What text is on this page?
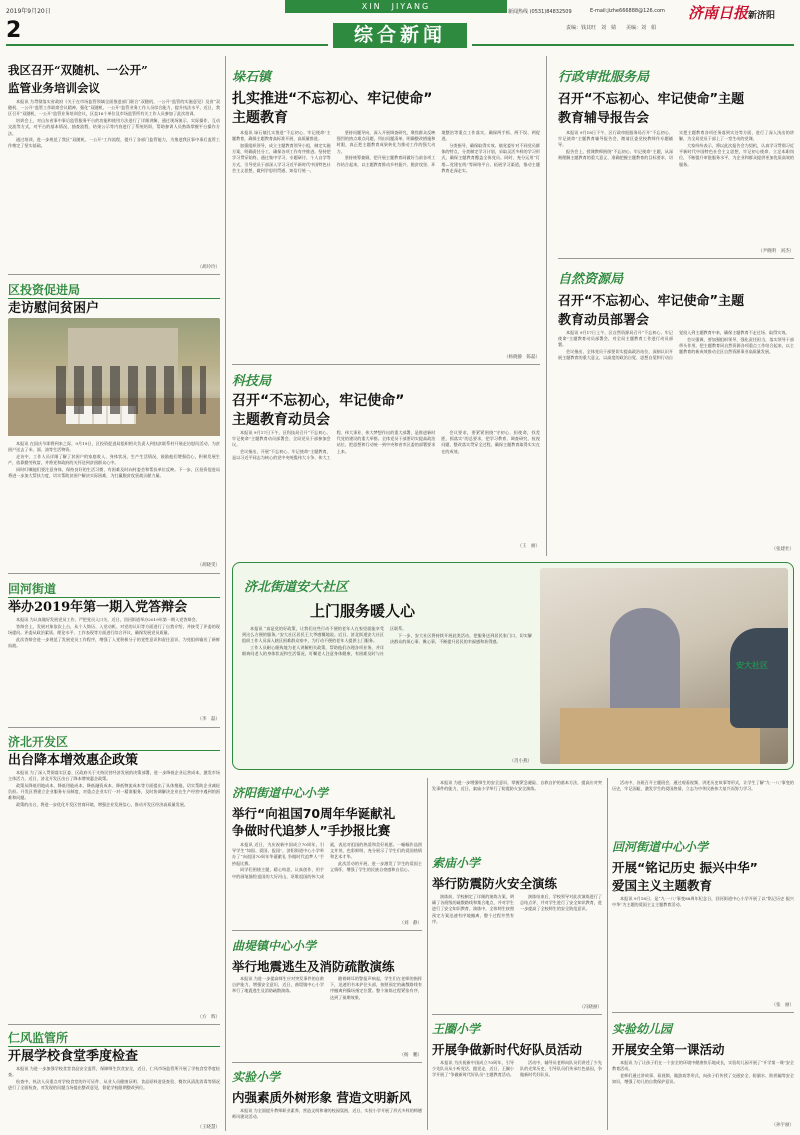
2019年9月20日
2
XIN　JIYANG
新闻热线 (0531)84832509	E-mail:jizhe666888@126.com 济南日报新济阳
责编：钱其旺　刘　婧　　美编：刘　娟
综合新闻
我区召开“双随机、一公开”
监管业务培训会议

本报讯 为贯彻落实省政府《关于在市场监管领域全面推进部门联合“双随机、一公开”监管的实施意见》及省“双随机、一公开”监管工作联席会议精神，强化“双随机、一公开”监管业务工作人员综合能力，提升执法水平，近日，我区召开“双随机、一公开”监管业务培训会议，区直16个单位及市场监管所有关工作人员参加了此次培训。

培训会上，对山东省事中事后监管服务平台的功能和使用方法进行了详细讲解，通过现场演示、实际操作、互动交流等方式，对平台的基本情况、抽查流程、结果公示等内容进行了系统培训，帮助参训人员熟练掌握平台操作方法。

通过培训，进一步规范了我区“双随机、一公开”工作流程，提升了各部门监管能力，为推进我区事中事后监管工作奠定了坚实基础。

（胡玲玲）
区投资促进局
走访慰问贫困户

本报讯 在国庆节即将到来之际，9月19日，区投资促进局组织相关负责人到扶贫联系村开展走访慰问活动，为贫困户送去了米、面、油等生活物资。

走访中，工作人员详细了解了贫困户的家庭收入、身体状况、生产生活情况，鼓励他们增强信心，积极发展生产，依靠勤劳致富，并将党和政府的关怀送到贫困群众心中。

同时叮嘱他们要注意身体，保持良好的生活习惯，有困难及时向村委会和帮扶单位反映。下一步，区投资促进局将进一步加大帮扶力度，切实帮助贫困户解决实际困难，为打赢脱贫攻坚战贡献力量。

（胡晓雯）
回河街道
举办2019年第一期入党答辩会

本报讯 为认真做好发展党员工作，严把党员入口关，近日，回河街道举办2019年第一期入党答辩会。

答辩会上，发展对象依次上台，从个人简历、入党动机、对党的认识等方面进行了自我介绍，并接受了评委的现场提问。评委从政治素质、理论水平、工作表现等方面进行综合评议，确保发展党员质量。

此次答辩会进一步规范了发展党员工作程序，增强了入党积极分子的党性意识和责任意识，为党组织输送了新鲜血液。

（李　磊）
济北开发区
出台降本增效惠企政策

本报讯 为了深入贯彻落实区委、区政府关于支持民营经济发展的决策部署，进一步降低企业运营成本，激发市场主体活力，近日，济北开发区出台了降本增效惠企政策。

政策从降低用地成本、降低用能成本、降低融资成本、降低物流成本等方面提出了具体措施，切实帮助企业减轻负担。开发区将建立企业服务专员制度，对重点企业实行一对一精准服务，及时协调解决企业在生产经营中遇到的困难和问题。

政策的出台，将进一步优化开发区营商环境，增强企业发展信心，推动开发区经济高质量发展。

（方　辉）
仁风监管所
开展学校食堂季度检查

本报讯 为进一步加强学校食堂食品安全监管，保障师生饮食安全，近日，仁风市场监管所开展了学校食堂季度检查。

检查中，执法人员重点对学校食堂的许可证件、从业人员健康证明、食品原料进货查验、餐饮具清洗消毒等情况进行了全面检查，对发现的问题当场提出整改意见，督促学校限期整改到位。

（王晓慧）
垛石镇
扎实推进“不忘初心、牢记使命”
主题教育

本报讯 垛石镇扎实推进“不忘初心、牢记使命”主题教育，确保主题教育高标准开展、高质量推进。

加强组织领导，成立主题教育领导小组，制定实施方案，明确责任分工，确保各项工作有序推进。坚持把学习贯穿始终，通过集中学习、专题研讨、个人自学等方式，引导党员干部深入学习习近平新时代中国特色社会主义思想，做到学思用贯通、知信行统一。

坚持问题导向，深入开展调查研究，聚焦群众反映强烈的热点难点问题，列出问题清单，明确整改措施和时限，真正把主题教育成果转化为推动工作的强大动力。

坚持统筹兼顾，把开展主题教育同做好当前各项工作结合起来，以主题教育推动乡村振兴、脱贫攻坚、环境整治等重点工作落实，确保两手抓、两不误、两促进。

分类指导，确保取得实效。镇党委针对不同党员群体的特点，分类制定学习计划，采取灵活多样的学习形式，确保主题教育覆盖全体党员。同时，充分运用“灯塔—党建在线”等网络平台，拓展学习渠道，推动主题教育走深走实。

（杨晓静　陈磊）
科技局
召开“不忘初心，牢记使命”
主题教育动员会

本报讯 9月17日下午，区科技局召开“不忘初心、牢记使命”主题教育动员部署会，全局党员干部参加会议。

会议指出，开展“不忘初心、牢记使命”主题教育，是以习近平同志为核心的党中央统揽伟大斗争、伟大工程、伟大事业、伟大梦想作出的重大部署，是推进新时代党的建设的重大举措。全体党员干部要切实提高政治站位，把思想和行动统一到中央和省市区委的部署要求上来。

会议要求，要紧紧围绕“守初心、担使命，找差距、抓落实”的总要求，把学习教育、调查研究、检视问题、整改落实贯穿全过程，确保主题教育取得实实在在的成效。

（王　丽）
行政审批服务局
召开“不忘初心、牢记使命”主题
教育辅导报告会

本报讯 9月18日下午，区行政审批服务局召开“不忘初心、牢记使命”主题教育辅导报告会，邀请区委党校教师作专题辅导。

报告会上，授课教师围绕“不忘初心、牢记使命”主题，从深刻理解主题教育的重大意义、准确把握主题教育的目标要求、切实把主题教育各项任务落到实处等方面，进行了深入浅出的讲解，为全局党员干部上了一堂生动的党课。

大家纷纷表示，将以此次报告会为契机，认真学习贯彻习近平新时代中国特色社会主义思想，牢记初心使命，立足本职岗位，不断提升审批服务水平，为企业和群众提供更加优质高效的服务。

（尹晓明　刘杰）
自然资源局
召开“不忘初心、牢记使命”主题
教育动员部署会

本报讯 9月17日上午，区自然资源局召开“不忘初心、牢记使命”主题教育动员部署会，对全局主题教育工作进行动员部署。

会议指出，全体党员干部要切实提高政治站位，深刻认识开展主题教育的重大意义，以高度的政治自觉、思想自觉和行动自觉投入到主题教育中来，确保主题教育不走过场、取得实效。

会议强调，要加强组织领导，强化责任担当，落实领导干部带头作用，把主题教育同自然资源各项重点工作结合起来，以主题教育的新成效推动全区自然资源事业高质量发展。

（张建社）
济北街道安大社区
上门服务暖人心

本报讯 “真是党的好政策，让我们这些行动不便的老年人在家里就能享受到这么方便的服务。”安大社区居民王大爷感慨地说。近日，济北街道安大社区组织工作人员深入辖区困难群众家中，为行动不便的老年人提供上门服务。

工作人员耐心细致地为老人讲解相关政策，帮助他们办理各项业务，并详细询问老人的身体状况和生活情况，叮嘱老人注意身体健康，有困难及时与社区联系。

下一步，安大社区将持续开展此类活动，把服务送到居民家门口，切实解决群众的烦心事、揪心事，不断提升居民的幸福感和获得感。

（肖小燕）
安大社区
济阳街道中心小学
举行“向祖国70周年华诞献礼
争做时代追梦人”手抄报比赛

本报讯 近日，为庆祝新中国成立70周年，引导学生“知国、爱国、报国”，济阳街道中心小学举办了“向祖国70周年华诞献礼 争做时代追梦人”手抄报比赛。

同学们围绕主题，精心构思，认真创作，用手中的画笔描绘祖国的大好河山，讴歌祖国的伟大成就，表达对祖国的热爱和美好祝愿。一幅幅作品图文并茂、色彩鲜明，充分展示了学生们的爱国热情和艺术才华。

此次活动的开展，进一步激发了学生的爱国主义情怀，增强了学生的民族自豪感和自信心。

（刘　静）
曲堤镇中心小学
举行地震逃生及消防疏散演练

本报讯 为进一步提高师生应对突发事件的自救自护能力，增强安全意识，近日，曲堤镇中心小学举行了地震逃生及消防疏散演练。

随着刺耳的警报声响起，学生们在老师的指挥下，迅速用书本护住头部，按照预定的疏散路线有序撤离到操场指定位置。整个演练过程紧张有序，达到了预期效果。

（杨　鹏）
实验小学
内强素质外树形象 营造文明新风

本报讯 为全面提升教师职业素养，营造文明和谐的校园氛围，近日，实验小学开展了形式多样的师德师风建设活动。

本报讯 为进一步增强师生的安全意识，掌握紧急避险、自救自护的基本方法，提高应对突发事件的能力，近日，索庙小学举行了防震防火安全演练。

索庙小学
举行防震防火安全演练

演练前，学校制定了详细的演练方案，明确了各班级的疏散路线和集合地点，并对学生进行了安全知识教育。演练中，全体师生按照预定方案迅速有序地撤离，整个过程井然有序。

演练结束后，学校领导对此次演练进行了总结点评，并对学生进行了安全知识教育，进一步提高了全校师生的安全防范意识。

（冯晓丽）
王圈小学
开展争做新时代好队员活动

本报讯 为庆祝新中国成立70周年，引导少先队员从小听党话、跟党走，近日，王圈小学开展了“争做新时代好队员”主题教育活动。

活动中，辅导员老师向队员们讲述了少先队的光荣历史，引导队员们传承红色基因，争做新时代好队员。

活动中，各班召开主题班会，通过观看视频、讲述历史故事等形式，让学生了解“九·一八”事变的历史，牢记国耻，激发学生的爱国热情，立志为中华民族伟大复兴而努力学习。

回河街道中心小学
开展“铭记历史 振兴中华”
爱国主义主题教育

本报讯 9月18日，是“九·一八”事变88周年纪念日，回河街道中心小学开展了以“铭记历史 振兴中华”为主题的爱国主义主题教育活动。

（张　丽）
实验幼儿园
开展安全第一课活动

本报讯 为了让孩子们在一个安全的环境中健康快乐地成长，实验幼儿园开展了“开学第一课”安全教育活动。

老师们通过讲故事、看视频、做游戏等形式，向孩子们传授了交通安全、防溺水、防拐骗等安全知识，增强了幼儿的自我保护意识。

（孙宇丽）
